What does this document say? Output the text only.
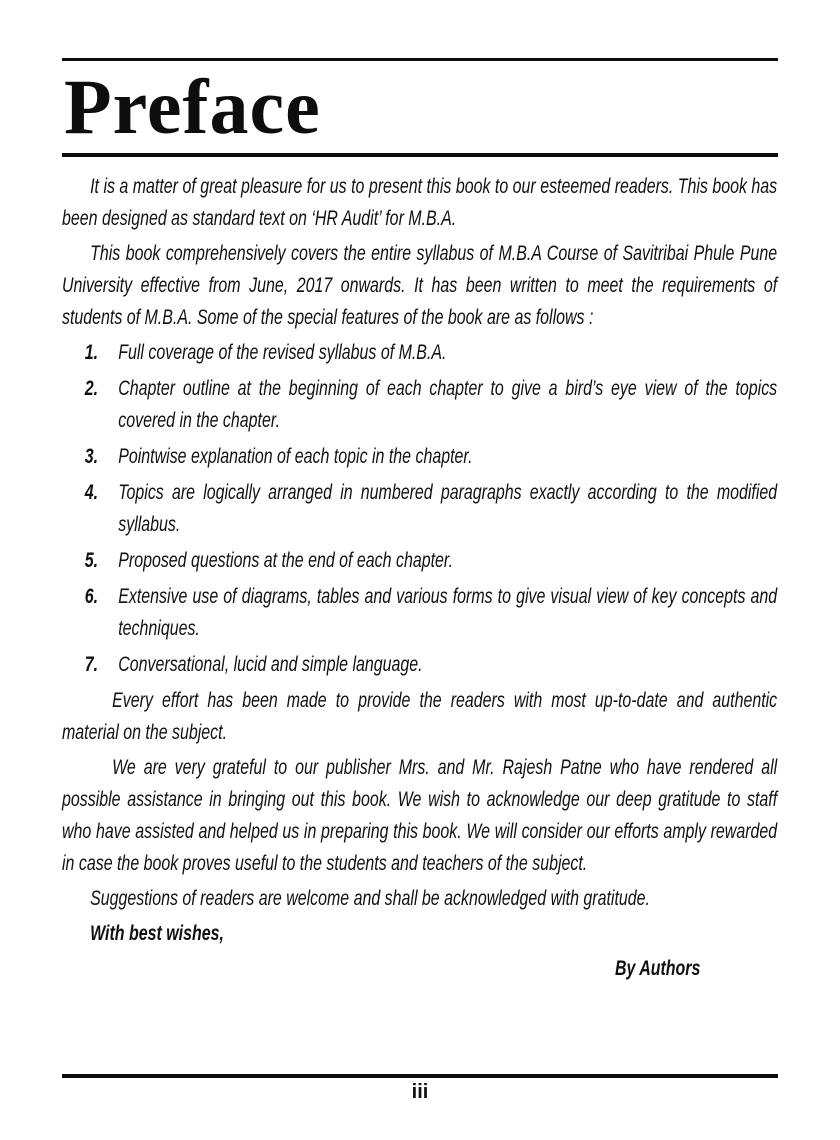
Preface

It is a matter of great pleasure for us to present this book to our esteemed readers. This book has been designed as standard text on ‘HR Audit’ for M.B.A.

This book comprehensively covers the entire syllabus of M.B.A Course of Savitribai Phule Pune University effective from June, 2017 onwards. It has been written to meet the requirements of students of M.B.A. Some of the special features of the book are as follows :

1. Full coverage of the revised syllabus of M.B.A.
2. Chapter outline at the beginning of each chapter to give a bird’s eye view of the topics covered in the chapter.
3. Pointwise explanation of each topic in the chapter.
4. Topics are logically arranged in numbered paragraphs exactly according to the modified syllabus.
5. Proposed questions at the end of each chapter.
6. Extensive use of diagrams, tables and various forms to give visual view of key concepts and techniques.
7. Conversational, lucid and simple language.

Every effort has been made to provide the readers with most up-to-date and authentic material on the subject.

We are very grateful to our publisher Mrs. and Mr. Rajesh Patne who have rendered all possible assistance in bringing out this book. We wish to acknowledge our deep gratitude to staff who have assisted and helped us in preparing this book. We will consider our efforts amply rewarded in case the book proves useful to the students and teachers of the subject.

Suggestions of readers are welcome and shall be acknowledged with gratitude.

With best wishes,

By Authors

iii
